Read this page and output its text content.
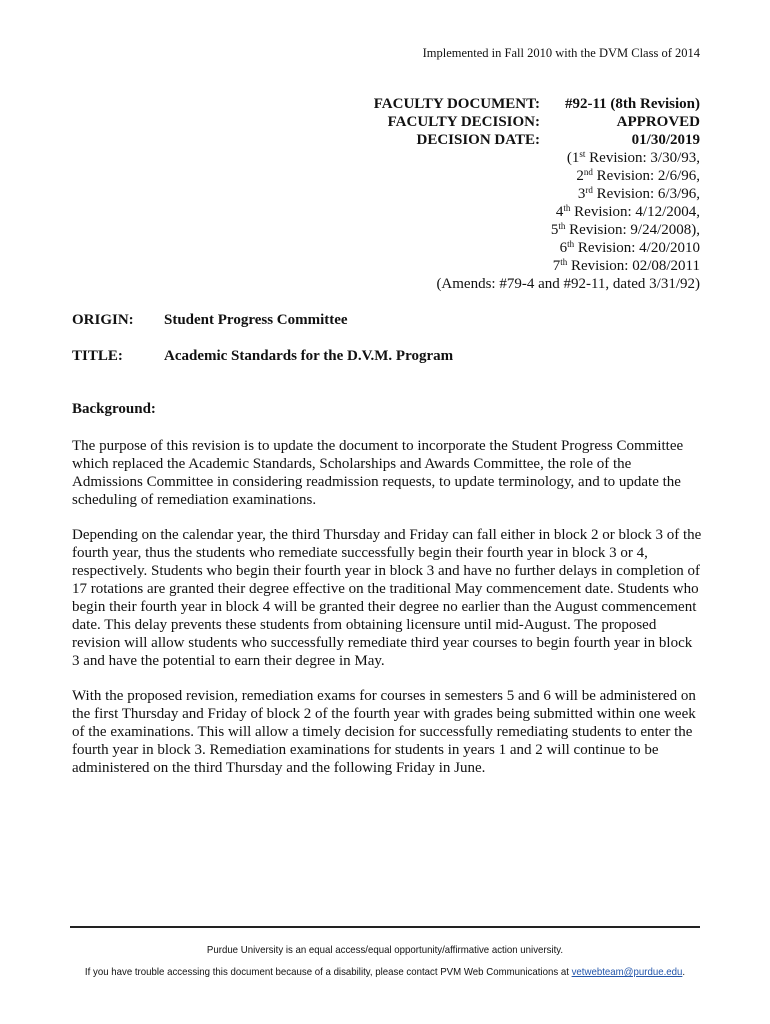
Implemented in Fall 2010 with the DVM Class of 2014

FACULTY DOCUMENT:	#92-11 (8th Revision)
FACULTY DECISION:	APPROVED
DECISION DATE:	01/30/2019
(1st Revision: 3/30/93,
2nd Revision: 2/6/96,
3rd Revision: 6/3/96,
4th Revision: 4/12/2004,
5th Revision: 9/24/2008),
6th Revision: 4/20/2010
7th Revision: 02/08/2011
(Amends: #79-4 and #92-11, dated 3/31/92)
ORIGIN:	Student Progress Committee
TITLE:	Academic Standards for the D.V.M. Program

Background:

The purpose of this revision is to update the document to incorporate the Student Progress Committee which replaced the Academic Standards, Scholarships and Awards Committee, the role of the Admissions Committee in considering readmission requests, to update terminology, and to update the scheduling of remediation examinations.

Depending on the calendar year, the third Thursday and Friday can fall either in block 2 or block 3 of the fourth year, thus the students who remediate successfully begin their fourth year in block 3 or 4, respectively. Students who begin their fourth year in block 3 and have no further delays in completion of 17 rotations are granted their degree effective on the traditional May commencement date. Students who begin their fourth year in block 4 will be granted their degree no earlier than the August commencement date. This delay prevents these students from obtaining licensure until mid-August. The proposed revision will allow students who successfully remediate third year courses to begin fourth year in block 3 and have the potential to earn their degree in May.

With the proposed revision, remediation exams for courses in semesters 5 and 6 will be administered on the first Thursday and Friday of block 2 of the fourth year with grades being submitted within one week of the examinations. This will allow a timely decision for successfully remediating students to enter the fourth year in block 3. Remediation examinations for students in years 1 and 2 will continue to be administered on the third Thursday and the following Friday in June.

Purdue University is an equal access/equal opportunity/affirmative action university.
If you have trouble accessing this document because of a disability, please contact PVM Web Communications at vetwebteam@purdue.edu.
